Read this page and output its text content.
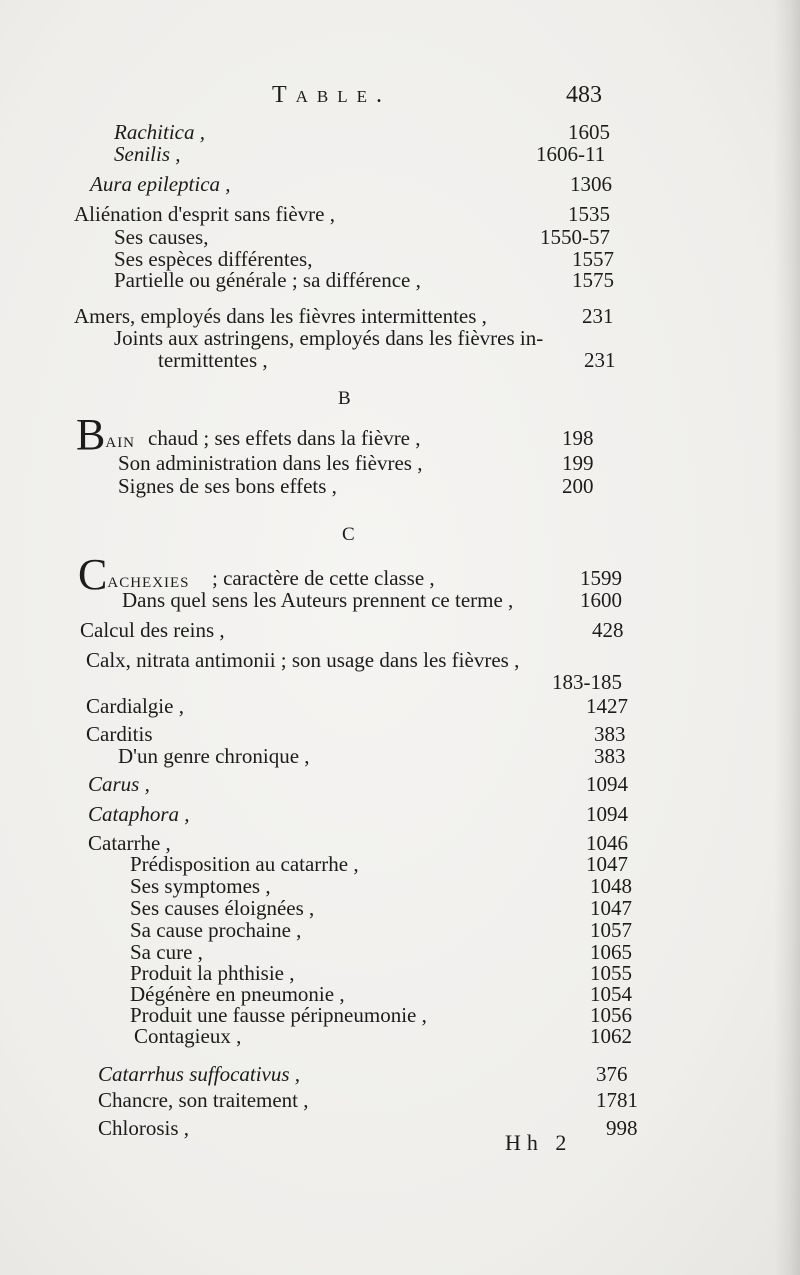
Table.	483
Rachitica ,	1605
Senilis ,	1606-11
Aura epileptica ,	1306
Aliénation d'esprit sans fièvre ,	1535
Ses causes,	1550-57
Ses espèces différentes,	1557
Partielle ou générale ; sa différence ,	1575
Amers, employés dans les fièvres intermittentes ,	231
Joints aux astringens, employés dans les fièvres in-
termittentes ,	231
B
Bain chaud ; ses effets dans la fièvre ,	198
Son administration dans les fièvres ,	199
Signes de ses bons effets ,	200
C
Cachexies ; caractère de cette classe ,	1599
Dans quel sens les Auteurs prennent ce terme ,	1600
Calcul des reins ,	428
Calx, nitrata antimonii ; son usage dans les fièvres ,
183-185
Cardialgie ,	1427
Carditis	383
D'un genre chronique ,	383
Carus ,	1094
Cataphora ,	1094
Catarrhe ,	1046
Prédisposition au catarrhe ,	1047
Ses symptomes ,	1048
Ses causes éloignées ,	1047
Sa cause prochaine ,	1057
Sa cure ,	1065
Produit la phthisie ,	1055
Dégénère en pneumonie ,	1054
Produit une fausse péripneumonie ,	1056
Contagieux ,	1062
Catarrhus suffocativus ,	376
Chancre, son traitement ,	1781
Chlorosis ,	998
Hh 2
